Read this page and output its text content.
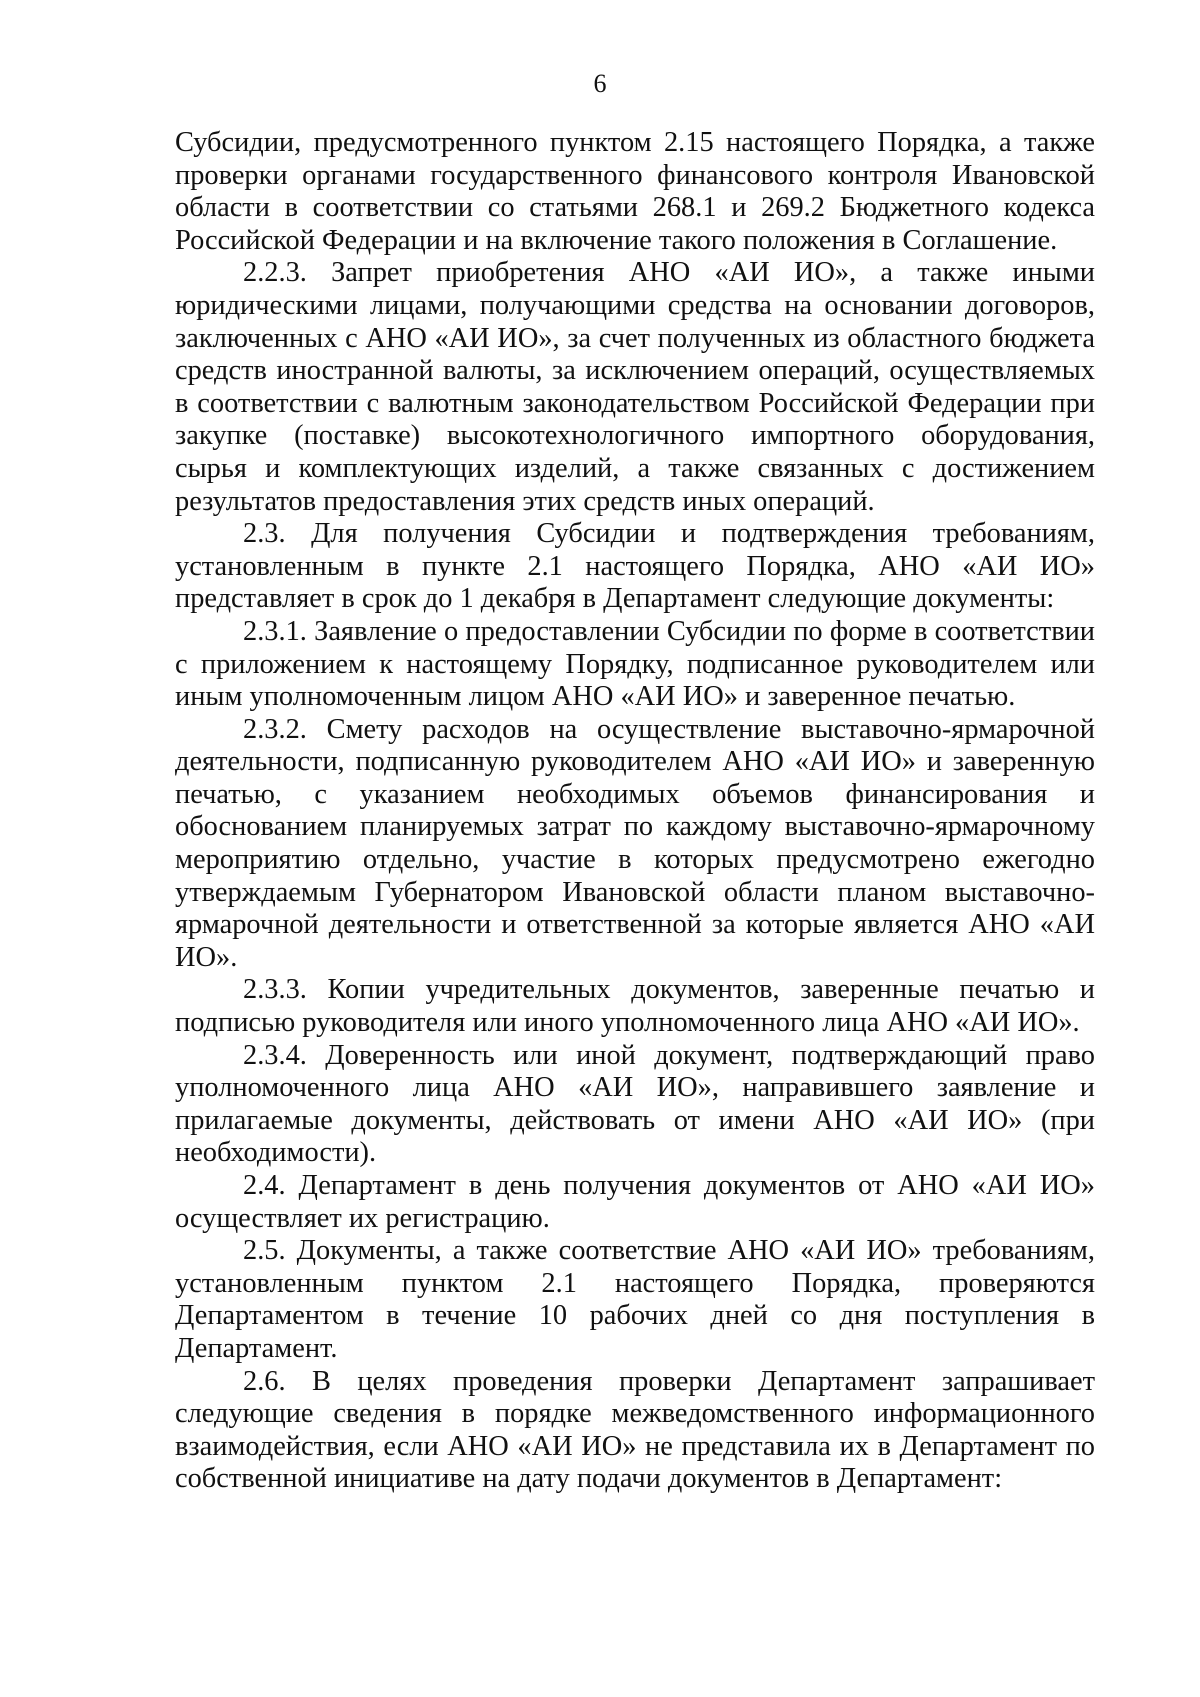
6

Субсидии, предусмотренного пунктом 2.15 настоящего Порядка, а также проверки органами государственного финансового контроля Ивановской области в соответствии со статьями 268.1 и 269.2 Бюджетного кодекса Российской Федерации и на включение такого положения в Соглашение.

2.2.3. Запрет приобретения АНО «АИ ИО», а также иными юридическими лицами, получающими средства на основании договоров, заключенных с АНО «АИ ИО», за счет полученных из областного бюджета средств иностранной валюты, за исключением операций, осуществляемых в соответствии с валютным законодательством Российской Федерации при закупке (поставке) высокотехнологичного импортного оборудования, сырья и комплектующих изделий, а также связанных с достижением результатов предоставления этих средств иных операций.

2.3. Для получения Субсидии и подтверждения требованиям, установленным в пункте 2.1 настоящего Порядка, АНО «АИ ИО» представляет в срок до 1 декабря в Департамент следующие документы:

2.3.1. Заявление о предоставлении Субсидии по форме в соответствии с приложением к настоящему Порядку, подписанное руководителем или иным уполномоченным лицом АНО «АИ ИО» и заверенное печатью.

2.3.2. Смету расходов на осуществление выставочно-ярмарочной деятельности, подписанную руководителем АНО «АИ ИО» и заверенную печатью, с указанием необходимых объемов финансирования и обоснованием планируемых затрат по каждому выставочно-ярмарочному мероприятию отдельно, участие в которых предусмотрено ежегодно утверждаемым Губернатором Ивановской области планом выставочно-ярмарочной деятельности и ответственной за которые является АНО «АИ ИО».

2.3.3. Копии учредительных документов, заверенные печатью и подписью руководителя или иного уполномоченного лица АНО «АИ ИО».

2.3.4. Доверенность или иной документ, подтверждающий право уполномоченного лица АНО «АИ ИО», направившего заявление и прилагаемые документы, действовать от имени АНО «АИ ИО» (при необходимости).

2.4. Департамент в день получения документов от АНО «АИ ИО» осуществляет их регистрацию.

2.5. Документы, а также соответствие АНО «АИ ИО» требованиям, установленным пунктом 2.1 настоящего Порядка, проверяются Департаментом в течение 10 рабочих дней со дня поступления в Департамент.

2.6. В целях проведения проверки Департамент запрашивает следующие сведения в порядке межведомственного информационного взаимодействия, если АНО «АИ ИО» не представила их в Департамент по собственной инициативе на дату подачи документов в Департамент:
